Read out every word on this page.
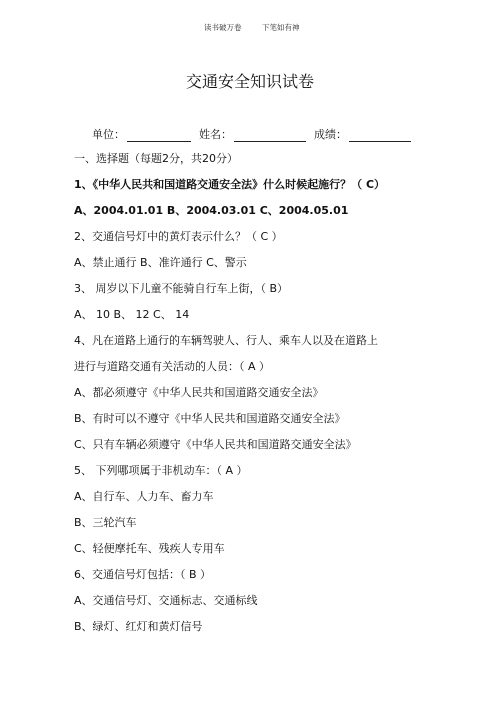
读书破万卷	下笔如有神
交通安全知识试卷
单位：	姓名：	成绩：
一、选择题（每题2分，共20分）
1、《中华人民共和国道路交通安全法》什么时候起施行？（ C）
A、2004.01.01 B、2004.03.01 C、2004.05.01
2、交通信号灯中的黄灯表示什么？（ C ）
A、禁止通行 B、准许通行 C、警示
3、 周岁以下儿童不能骑自行车上街，（ B）
A、 10 B、 12 C、 14
4、凡在道路上通行的车辆驾驶人、行人、乘车人以及在道路上
进行与道路交通有关活动的人员：（ A ）
A、都必须遵守《中华人民共和国道路交通安全法》
B、有时可以不遵守《中华人民共和国道路交通安全法》
C、只有车辆必须遵守《中华人民共和国道路交通安全法》
5、 下列哪项属于非机动车：（ A ）
A、自行车、人力车、畜力车
B、三轮汽车
C、轻便摩托车、残疾人专用车
6、交通信号灯包括：（ B ）
A、交通信号灯、交通标志、交通标线
B、绿灯、红灯和黄灯信号
